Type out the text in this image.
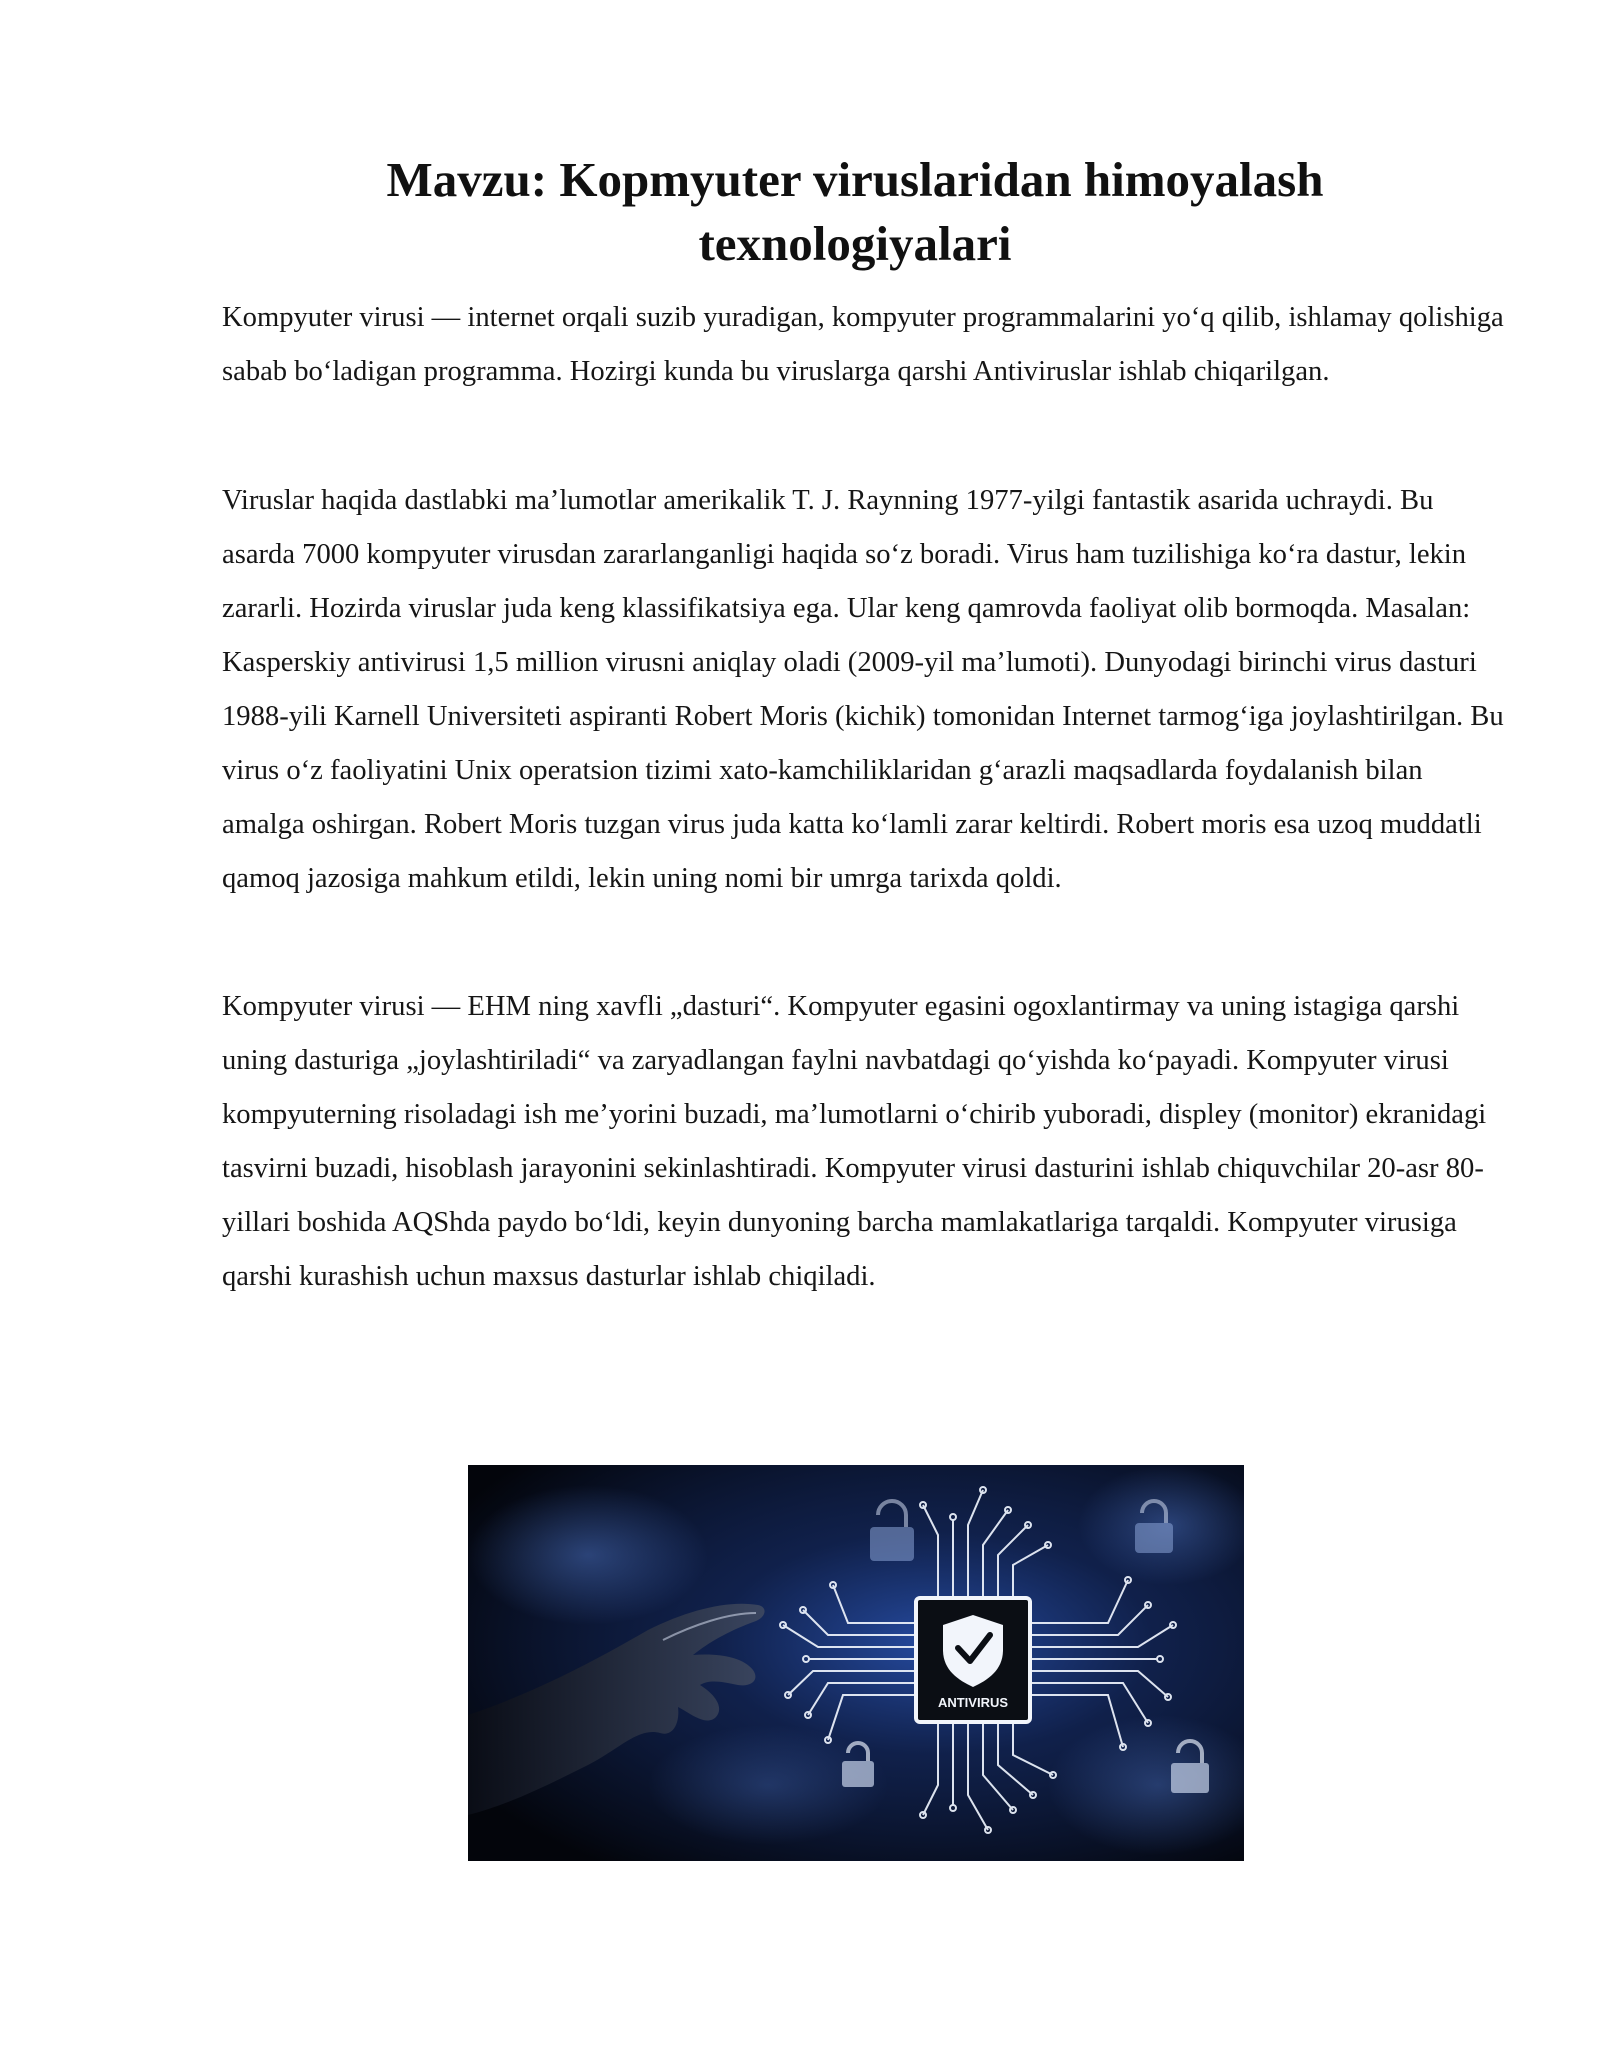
Mavzu: Kopmyuter viruslaridan himoyalash texnologiyalari

Kompyuter virusi — internet orqali suzib yuradigan, kompyuter programmalarini yoʻq qilib, ishlamay qolishiga sabab boʻladigan programma. Hozirgi kunda bu viruslarga qarshi Antiviruslar ishlab chiqarilgan.

Viruslar haqida dastlabki ma’lumotlar amerikalik T. J. Raynning 1977-yilgi fantastik asarida uchraydi. Bu asarda 7000 kompyuter virusdan zararlanganligi haqida soʻz boradi. Virus ham tuzilishiga koʻra dastur, lekin zararli. Hozirda viruslar juda keng klassifikatsiya ega. Ular keng qamrovda faoliyat olib bormoqda. Masalan: Kasperskiy antivirusi 1,5 million virusni aniqlay oladi (2009-yil ma’lumoti). Dunyodagi birinchi virus dasturi 1988-yili Karnell Universiteti aspiranti Robert Moris (kichik) tomonidan Internet tarmogʻiga joylashtirilgan. Bu virus oʻz faoliyatini Unix operatsion tizimi xato-kamchiliklaridan gʻarazli maqsadlarda foydalanish bilan amalga oshirgan. Robert Moris tuzgan virus juda katta koʻlamli zarar keltirdi. Robert moris esa uzoq muddatli qamoq jazosiga mahkum etildi, lekin uning nomi bir umrga tarixda qoldi.

Kompyuter virusi — EHM ning xavfli „dasturi“. Kompyuter egasini ogoxlantirmay va uning istagiga qarshi uning dasturiga „joylashtiriladi“ va zaryadlangan faylni navbatdagi qoʻyishda koʻpayadi. Kompyuter virusi kompyuterning risoladagi ish me’yorini buzadi, ma’lumotlarni oʻchirib yuboradi, displey (monitor) ekranidagi tasvirni buzadi, hisoblash jarayonini sekinlashtiradi. Kompyuter virusi dasturini ishlab chiquvchilar 20-asr 80-yillari boshida AQShda paydo boʻldi, keyin dunyoning barcha mamlakatlariga tarqaldi. Kompyuter virusiga qarshi kurashish uchun maxsus dasturlar ishlab chiqiladi.

ANTIVIRUS
